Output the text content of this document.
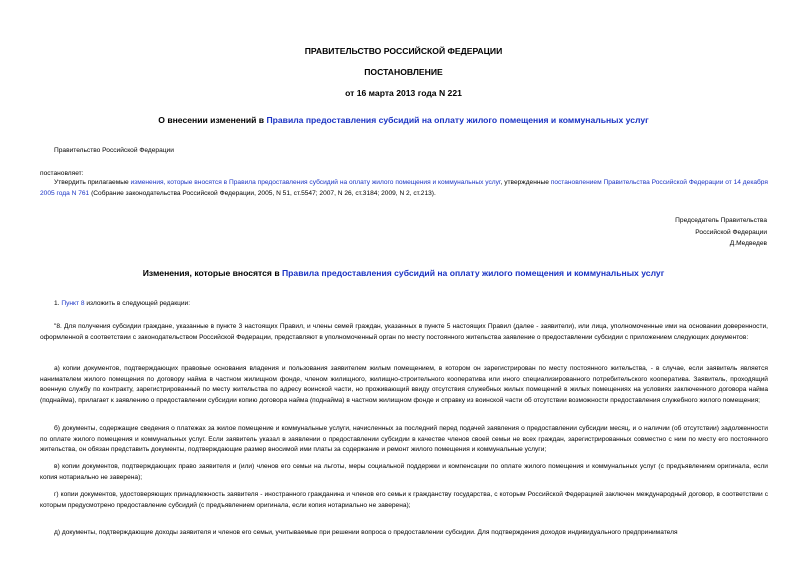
ПРАВИТЕЛЬСТВО РОССИЙСКОЙ ФЕДЕРАЦИИ
ПОСТАНОВЛЕНИЕ
от 16 марта 2013 года N 221
О внесении изменений в Правила предоставления субсидий на оплату жилого помещения и коммунальных услуг
Правительство Российской Федерации
постановляет:
Утвердить прилагаемые изменения, которые вносятся в Правила предоставления субсидий на оплату жилого помещения и коммунальных услуг, утвержденные постановлением Правительства Российской Федерации от 14 декабря 2005 года N 761 (Собрание законодательства Российской Федерации, 2005, N 51, ст.5547; 2007, N 26, ст.3184; 2009, N 2, ст.213).
Председатель Правительства
Российской Федерации
Д.Медведев
Изменения, которые вносятся в Правила предоставления субсидий на оплату жилого помещения и коммунальных услуг
1. Пункт 8 изложить в следующей редакции:
"8. Для получения субсидии граждане, указанные в пункте 3 настоящих Правил, и члены семей граждан, указанных в пункте 5 настоящих Правил (далее - заявители), или лица, уполномоченные ими на основании доверенности, оформленной в соответствии с законодательством Российской Федерации, представляют в уполномоченный орган по месту постоянного жительства заявление о предоставлении субсидии с приложением следующих документов:
а) копии документов, подтверждающих правовые основания владения и пользования заявителем жилым помещением, в котором он зарегистрирован по месту постоянного жительства, - в случае, если заявитель является нанимателем жилого помещения по договору найма в частном жилищном фонде, членом жилищного, жилищно-строительного кооператива или иного специализированного потребительского кооператива. Заявитель, проходящий военную службу по контракту, зарегистрированный по месту жительства по адресу воинской части, но проживающий ввиду отсутствия служебных жилых помещений в жилых помещениях на условиях заключенного договора найма (поднайма), прилагает к заявлению о предоставлении субсидии копию договора найма (поднайма) в частном жилищном фонде и справку из воинской части об отсутствии возможности предоставления служебного жилого помещения;
б) документы, содержащие сведения о платежах за жилое помещение и коммунальные услуги, начисленных за последний перед подачей заявления о предоставлении субсидии месяц, и о наличии (об отсутствии) задолженности по оплате жилого помещения и коммунальных услуг. Если заявитель указал в заявлении о предоставлении субсидии в качестве членов своей семьи не всех граждан, зарегистрированных совместно с ним по месту его постоянного жительства, он обязан представить документы, подтверждающие размер вносимой ими платы за содержание и ремонт жилого помещения и коммунальные услуги;
в) копии документов, подтверждающих право заявителя и (или) членов его семьи на льготы, меры социальной поддержки и компенсации по оплате жилого помещения и коммунальных услуг (с предъявлением оригинала, если копия нотариально не заверена);
г) копии документов, удостоверяющих принадлежность заявителя - иностранного гражданина и членов его семьи к гражданству государства, с которым Российской Федерацией заключен международный договор, в соответствии с которым предусмотрено предоставление субсидий (с предъявлением оригинала, если копия нотариально не заверена);
д) документы, подтверждающие доходы заявителя и членов его семьи, учитываемые при решении вопроса о предоставлении субсидии. Для подтверждения доходов индивидуального предпринимателя
